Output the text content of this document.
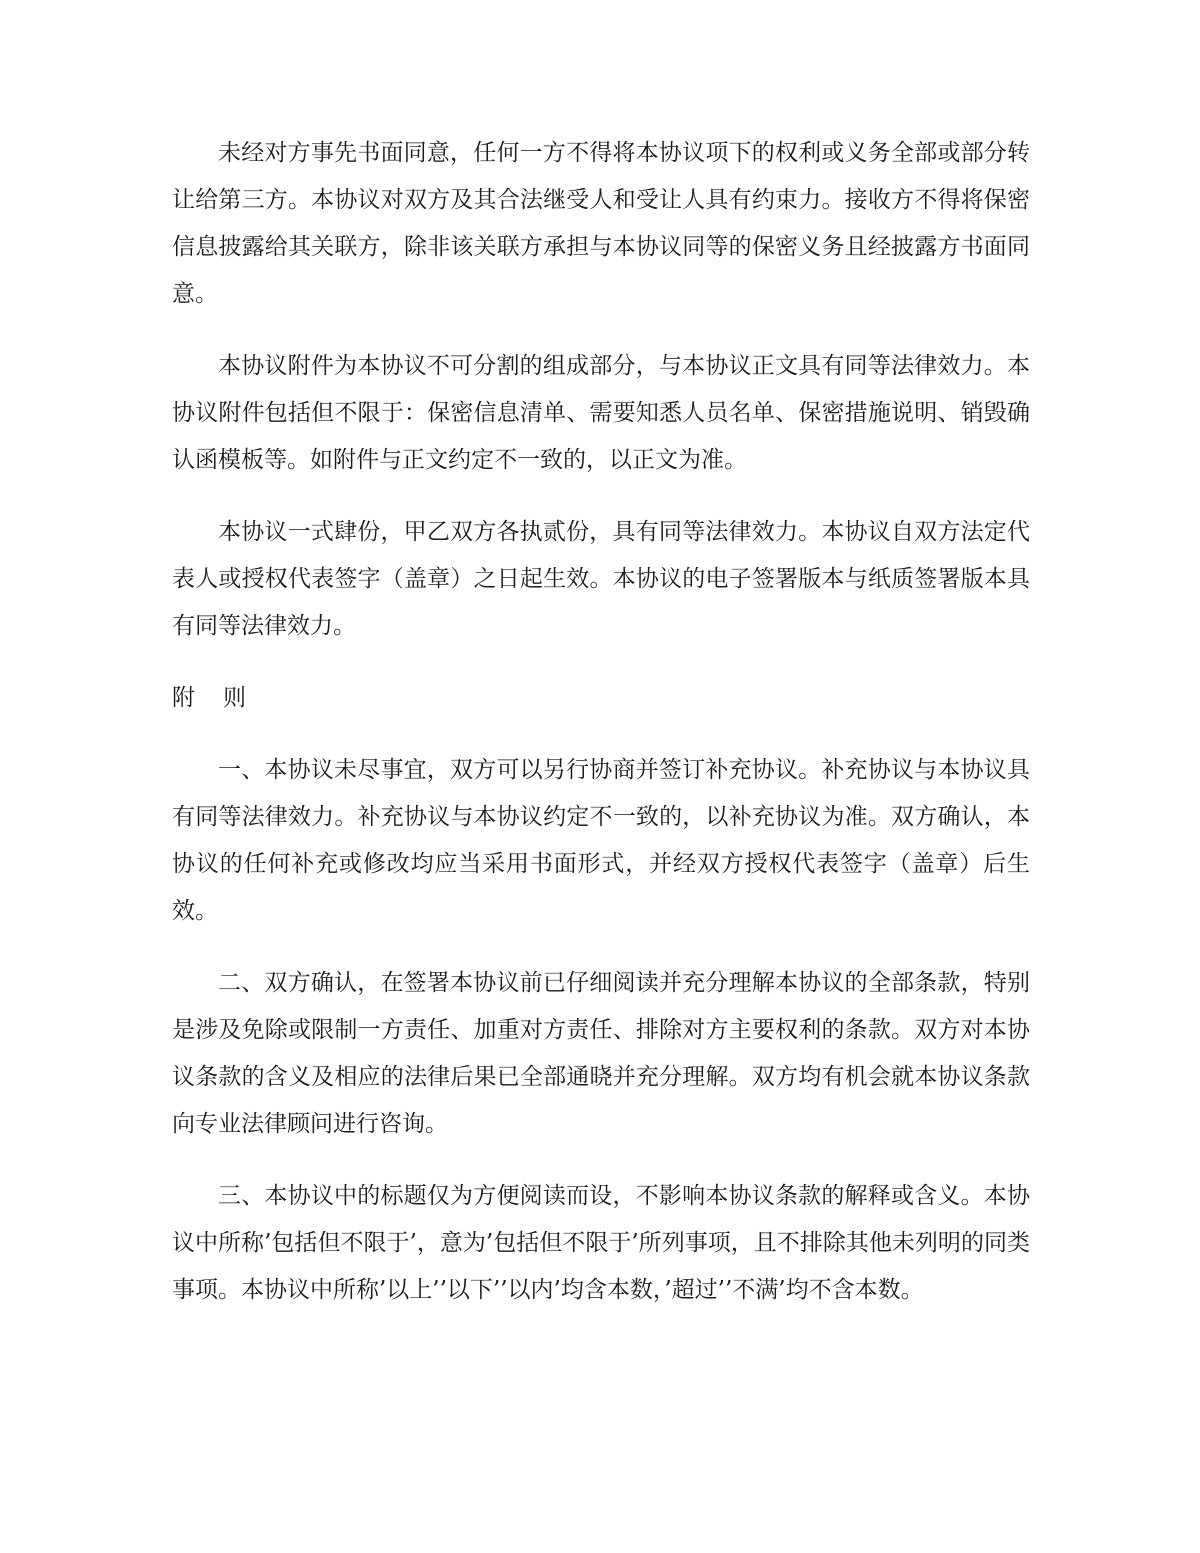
未经对方事先书面同意，任何一方不得将本协议项下的权利或义务全部或部分转让给第三方。本协议对双方及其合法继受人和受让人具有约束力。接收方不得将保密信息披露给其关联方，除非该关联方承担与本协议同等的保密义务且经披露方书面同意。

本协议附件为本协议不可分割的组成部分，与本协议正文具有同等法律效力。本协议附件包括但不限于：保密信息清单、需要知悉人员名单、保密措施说明、销毁确认函模板等。如附件与正文约定不一致的，以正文为准。

本协议一式肆份，甲乙双方各执贰份，具有同等法律效力。本协议自双方法定代表人或授权代表签字（盖章）之日起生效。本协议的电子签署版本与纸质签署版本具有同等法律效力。

附 则

一、本协议未尽事宜，双方可以另行协商并签订补充协议。补充协议与本协议具有同等法律效力。补充协议与本协议约定不一致的，以补充协议为准。双方确认，本协议的任何补充或修改均应当采用书面形式，并经双方授权代表签字（盖章）后生效。

二、双方确认，在签署本协议前已仔细阅读并充分理解本协议的全部条款，特别是涉及免除或限制一方责任、加重对方责任、排除对方主要权利的条款。双方对本协议条款的含义及相应的法律后果已全部通晓并充分理解。双方均有机会就本协议条款向专业法律顾问进行咨询。

三、本协议中的标题仅为方便阅读而设，不影响本协议条款的解释或含义。本协议中所称’包括但不限于’，意为’包括但不限于’所列事项，且不排除其他未列明的同类事项。本协议中所称’以上’’以下’’以内’均含本数，’超过’’不满’均不含本数。
